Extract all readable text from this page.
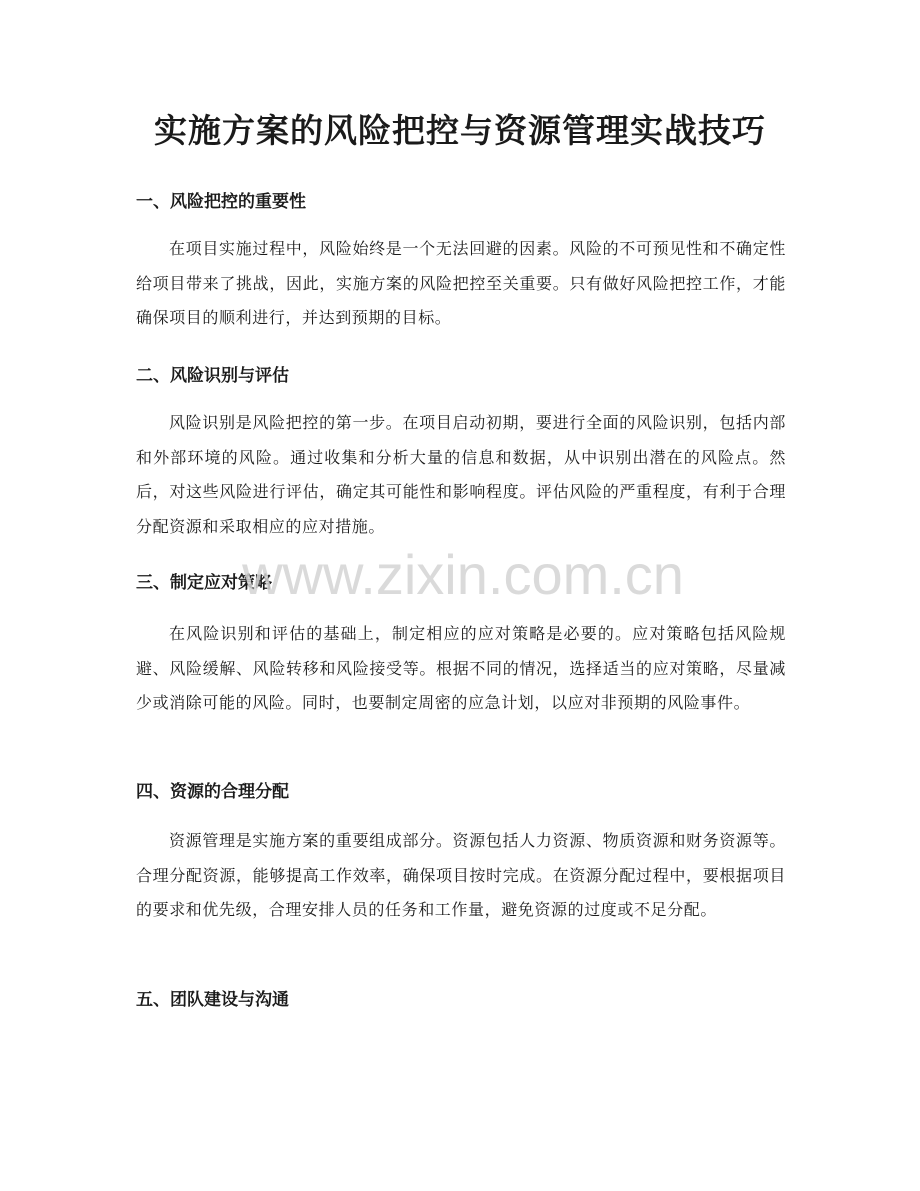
实施方案的风险把控与资源管理实战技巧
一、风险把控的重要性

在项目实施过程中，风险始终是一个无法回避的因素。风险的不可预见性和不确定性给项目带来了挑战，因此，实施方案的风险把控至关重要。只有做好风险把控工作，才能确保项目的顺利进行，并达到预期的目标。

二、风险识别与评估

风险识别是风险把控的第一步。在项目启动初期，要进行全面的风险识别，包括内部和外部环境的风险。通过收集和分析大量的信息和数据，从中识别出潜在的风险点。然后，对这些风险进行评估，确定其可能性和影响程度。评估风险的严重程度，有利于合理分配资源和采取相应的应对措施。

三、制定应对策略

在风险识别和评估的基础上，制定相应的应对策略是必要的。应对策略包括风险规避、风险缓解、风险转移和风险接受等。根据不同的情况，选择适当的应对策略，尽量减少或消除可能的风险。同时，也要制定周密的应急计划，以应对非预期的风险事件。

四、资源的合理分配

资源管理是实施方案的重要组成部分。资源包括人力资源、物质资源和财务资源等。合理分配资源，能够提高工作效率，确保项目按时完成。在资源分配过程中，要根据项目的要求和优先级，合理安排人员的任务和工作量，避免资源的过度或不足分配。

五、团队建设与沟通
www.zixin.com.cn
